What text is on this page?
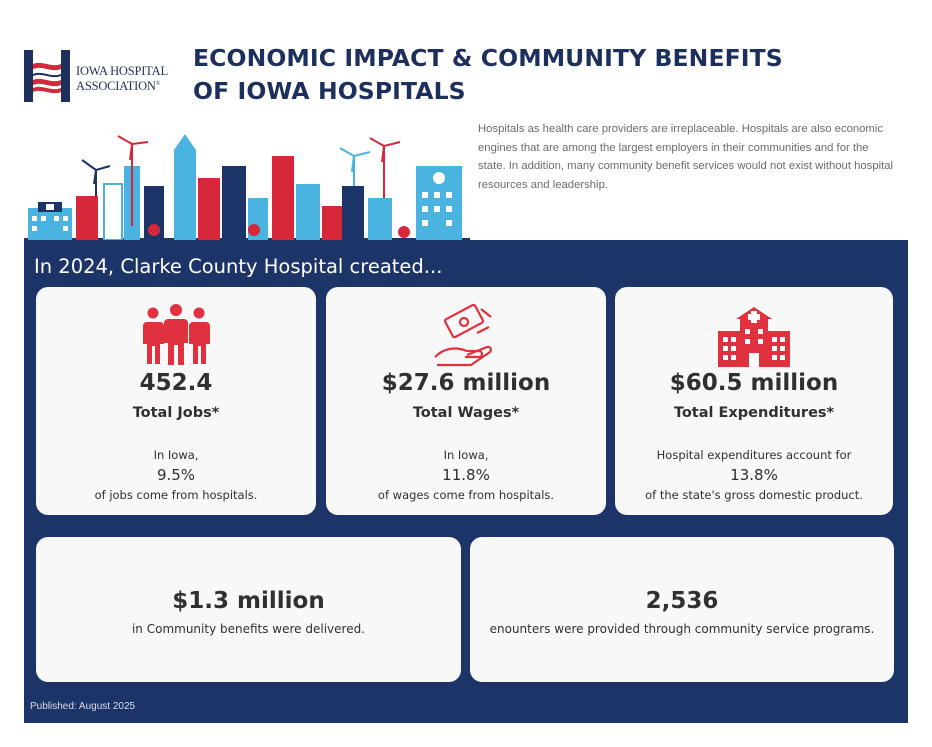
IOWA HOSPITAL
ASSOCIATION®
ECONOMIC IMPACT & COMMUNITY BENEFITS
OF IOWA HOSPITALS

Hospitals as health care providers are irreplaceable. Hospitals are also economic engines that are among the largest employers in their communities and for the state. In addition, many community benefit services would not exist without hospital resources and leadership.

In 2024, Clarke County Hospital created...
452.4
Total Jobs*
In Iowa,
9.5%
of jobs come from hospitals.
$27.6 million
Total Wages*
In Iowa,
11.8%
of wages come from hospitals.
$60.5 million
Total Expenditures*
Hospital expenditures account for
13.8%
of the state's gross domestic product.
$1.3 million
in Community benefits were delivered.
2,536
enounters were provided through community service programs.
Published: August 2025
